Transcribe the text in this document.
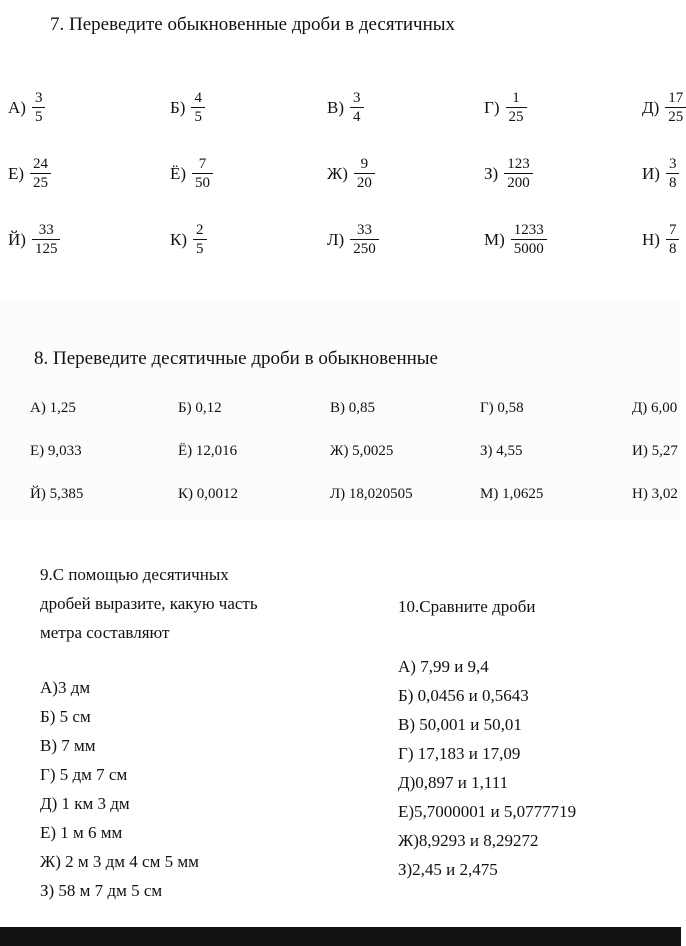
7. Переведите обыкновенные дроби в десятичных
$А) \frac{3}{5}$	$Б) \frac{4}{5}$	$В) \frac{3}{4}$	$Г) \frac{1}{25}$	$Д) \frac{17}{25}$
$Е) \frac{24}{25}$	$Ё) \frac{7}{50}$	$Ж) \frac{9}{20}$	$З) \frac{123}{200}$	$И) \frac{3}{8}$
$Й) \frac{33}{125}$	$К) \frac{2}{5}$	$Л) \frac{33}{250}$	$М) \frac{1233}{5000}$	$Н) \frac{7}{8}$
8. Переведите десятичные дроби в обыкновенные
А) 1,25	Б) 0,12	В) 0,85	Г) 0,58	Д) 6,00
Е) 9,033	Ё) 12,016	Ж) 5,0025	З) 4,55	И) 5,27
Й) 5,385	К) 0,0012	Л) 18,020505	М) 1,0625	Н) 3,02
9.С помощью десятичных
дробей выразите, какую часть
метра составляют
А)3 дм
Б) 5 см
В) 7 мм
Г) 5 дм 7 см
Д) 1 км 3 дм
Е) 1 м 6 мм
Ж) 2 м 3 дм 4 см 5 мм
З) 58 м 7 дм 5 см
10.Сравните дроби
А) 7,99 и 9,4
Б) 0,0456 и 0,5643
В) 50,001 и 50,01
Г) 17,183 и 17,09
Д)0,897 и 1,111
Е)5,7000001 и 5,0777719
Ж)8,9293 и 8,29272
З)2,45 и 2,475
